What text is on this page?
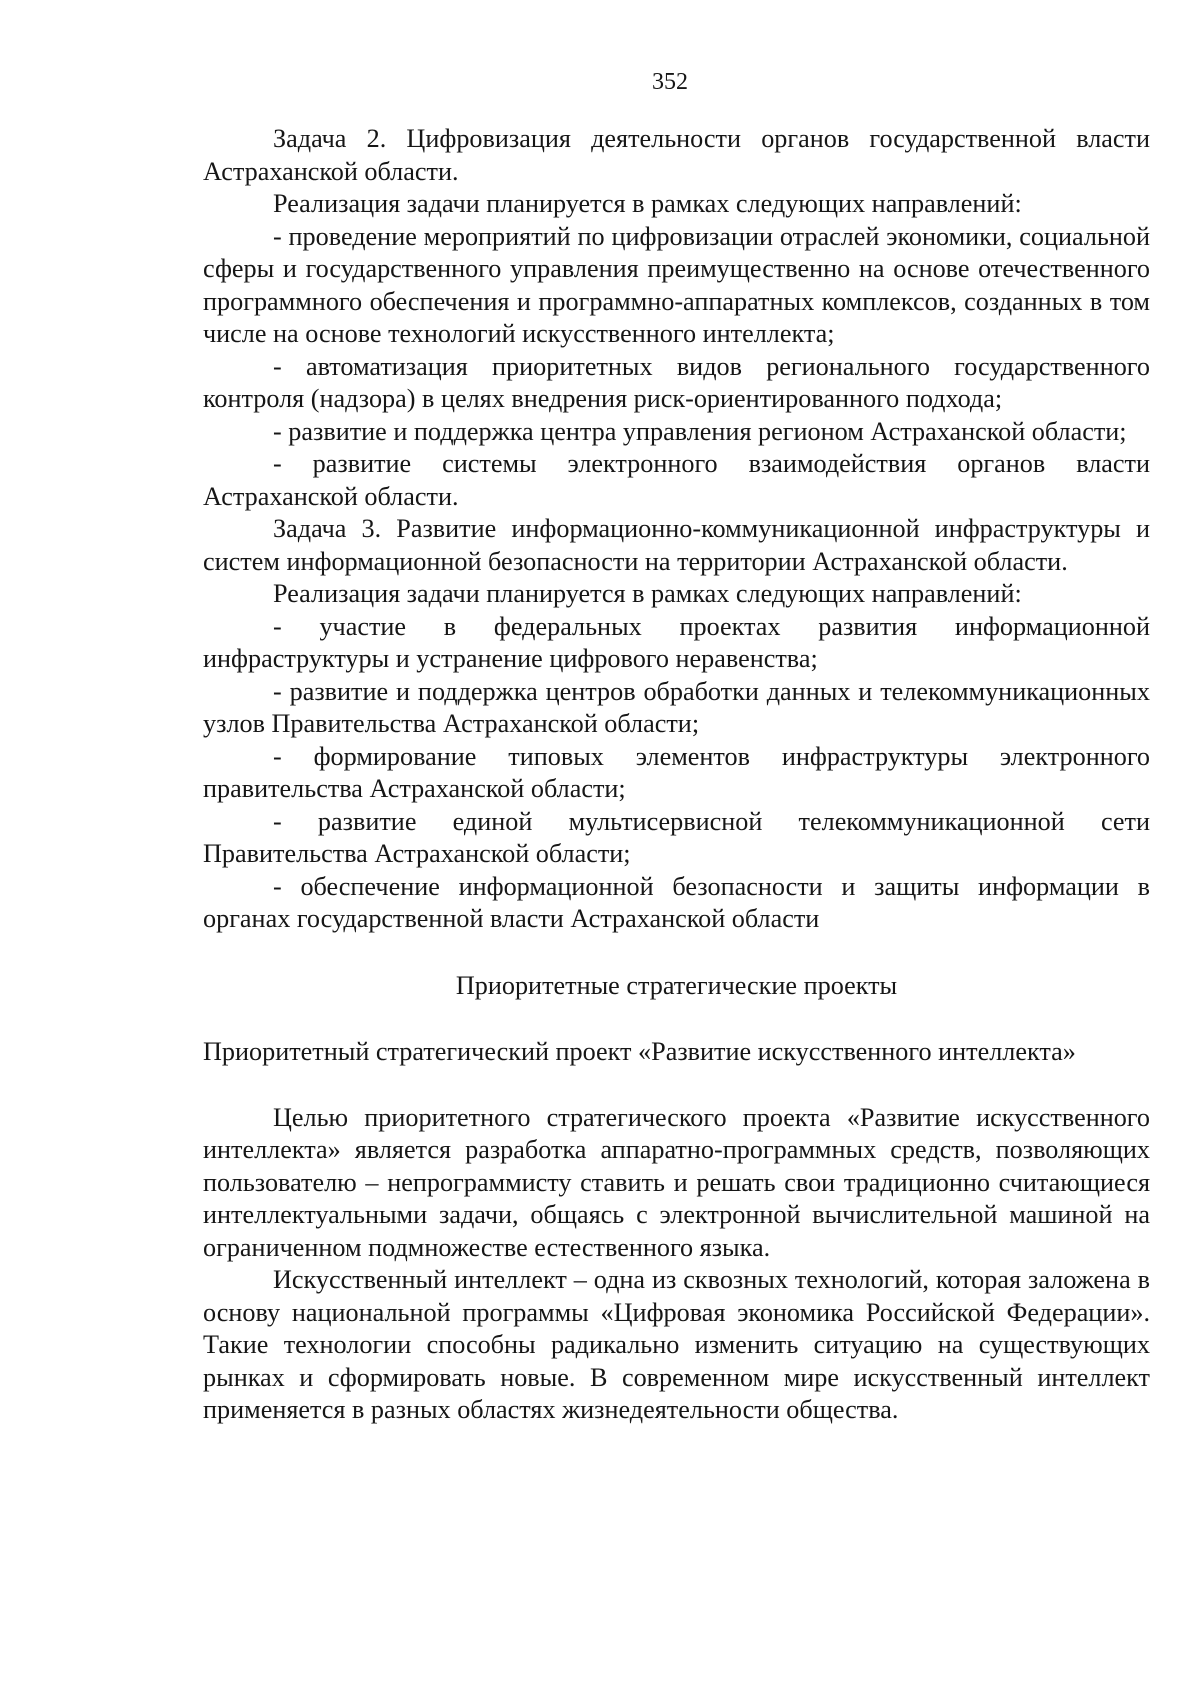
352

Задача 2. Цифровизация деятельности органов государственной власти Астраханской области.

Реализация задачи планируется в рамках следующих направлений:

- проведение мероприятий по цифровизации отраслей экономики, социальной сферы и государственного управления преимущественно на основе отечественного программного обеспечения и программно-аппаратных комплексов, созданных в том числе на основе технологий искусственного интеллекта;

- автоматизация приоритетных видов регионального государственного контроля (надзора) в целях внедрения риск-ориентированного подхода;

- развитие и поддержка центра управления регионом Астраханской области;

- развитие системы электронного взаимодействия органов власти Астраханской области.

Задача 3. Развитие информационно-коммуникационной инфраструктуры и систем информационной безопасности на территории Астраханской области.

Реализация задачи планируется в рамках следующих направлений:

- участие в федеральных проектах развития информационной инфраструктуры и устранение цифрового неравенства;

- развитие и поддержка центров обработки данных и телекоммуникационных узлов Правительства Астраханской области;

- формирование типовых элементов инфраструктуры электронного правительства Астраханской области;

- развитие единой мультисервисной телекоммуникационной сети Правительства Астраханской области;

- обеспечение информационной безопасности и защиты информации в органах государственной власти Астраханской области

Приоритетные стратегические проекты

Приоритетный стратегический проект «Развитие искусственного интеллекта»

Целью приоритетного стратегического проекта «Развитие искусственного интеллекта» является разработка аппаратно-программных средств, позволяющих пользователю – непрограммисту ставить и решать свои традиционно считающиеся интеллектуальными задачи, общаясь с электронной вычислительной машиной на ограниченном подмножестве естественного языка.

Искусственный интеллект – одна из сквозных технологий, которая заложена в основу национальной программы «Цифровая экономика Российской Федерации». Такие технологии способны радикально изменить ситуацию на существующих рынках и сформировать новые. В современном мире искусственный интеллект применяется в разных областях жизнедеятельности общества.
